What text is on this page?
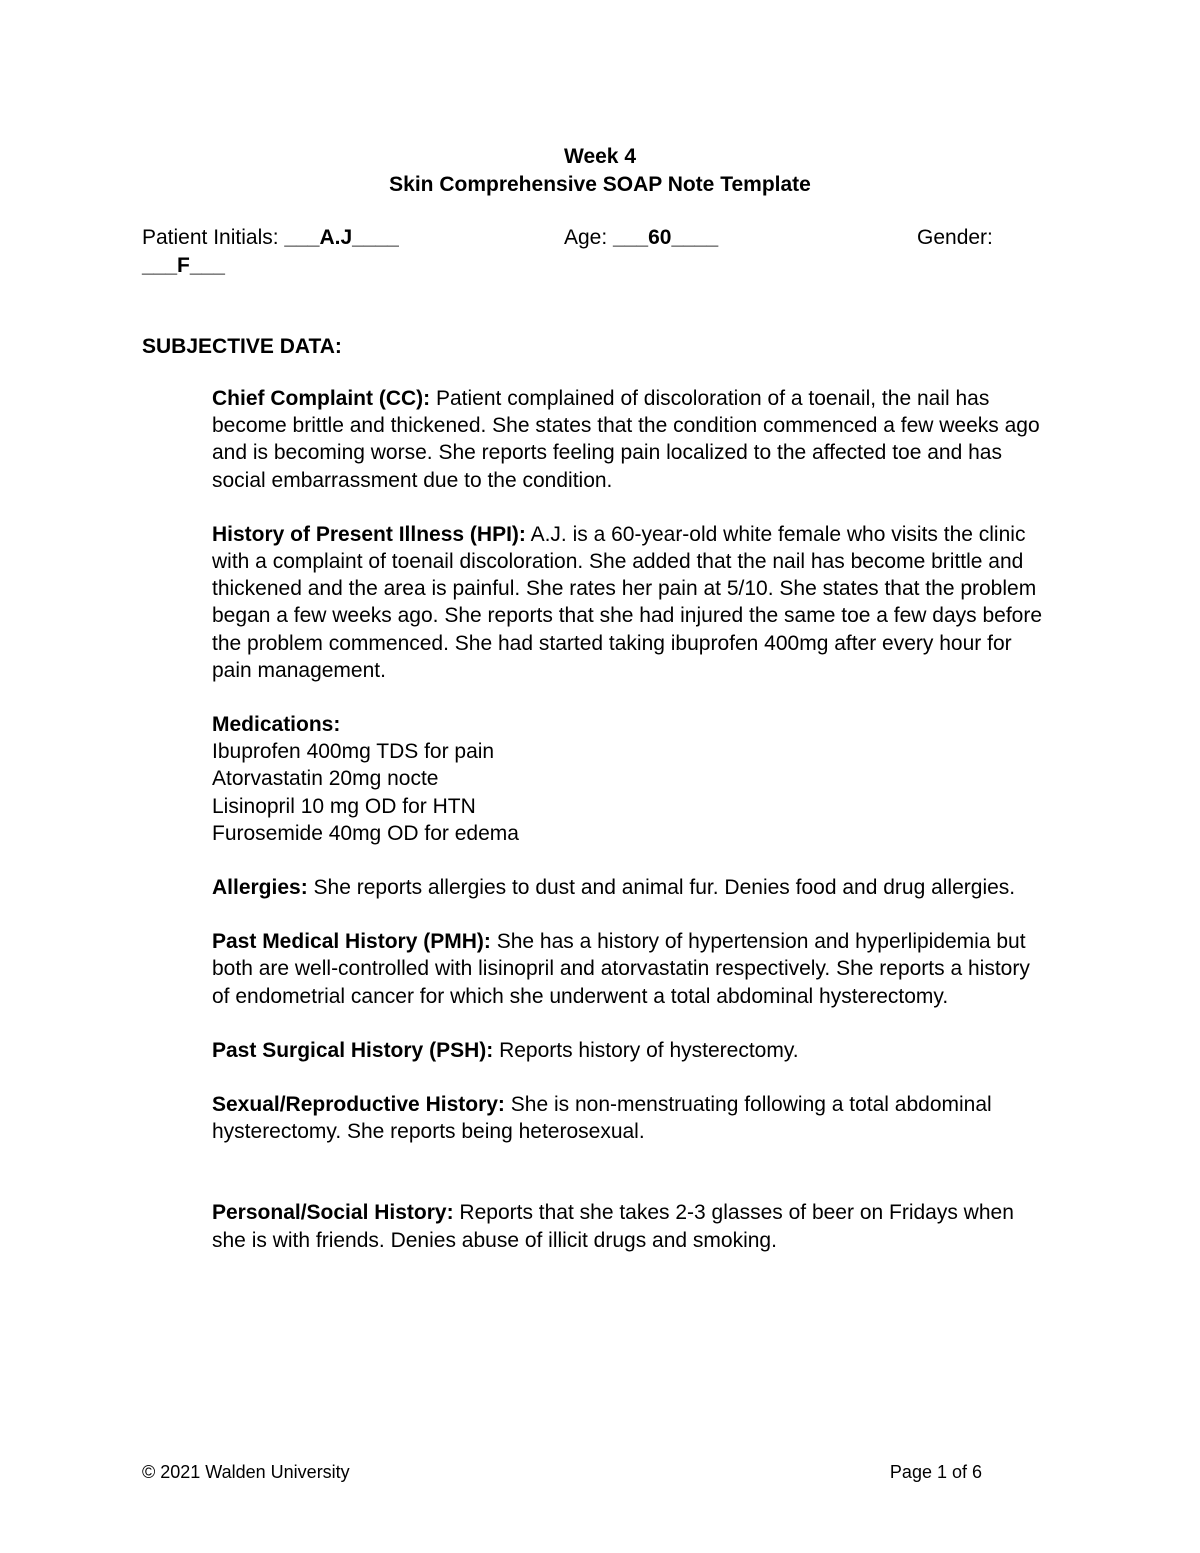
Week 4
Skin Comprehensive SOAP Note Template
Patient Initials: ___A.J____	Age: ___60____	Gender:
___F___
SUBJECTIVE DATA:

Chief Complaint (CC): Patient complained of discoloration of a toenail, the nail has become brittle and thickened. She states that the condition commenced a few weeks ago and is becoming worse. She reports feeling pain localized to the affected toe and has social embarrassment due to the condition.

History of Present Illness (HPI): A.J. is a 60-year-old white female who visits the clinic with a complaint of toenail discoloration. She added that the nail has become brittle and thickened and the area is painful. She rates her pain at 5/10. She states that the problem began a few weeks ago. She reports that she had injured the same toe a few days before the problem commenced. She had started taking ibuprofen 400mg after every hour for pain management.

Medications:
Ibuprofen 400mg TDS for pain
Atorvastatin 20mg nocte
Lisinopril 10 mg OD for HTN
Furosemide 40mg OD for edema

Allergies: She reports allergies to dust and animal fur. Denies food and drug allergies.

Past Medical History (PMH): She has a history of hypertension and hyperlipidemia but both are well-controlled with lisinopril and atorvastatin respectively. She reports a history of endometrial cancer for which she underwent a total abdominal hysterectomy.

Past Surgical History (PSH): Reports history of hysterectomy.

Sexual/Reproductive History: She is non-menstruating following a total abdominal hysterectomy. She reports being heterosexual.

Personal/Social History: Reports that she takes 2-3 glasses of beer on Fridays when she is with friends. Denies abuse of illicit drugs and smoking.

© 2021 Walden University	Page 1 of 6
